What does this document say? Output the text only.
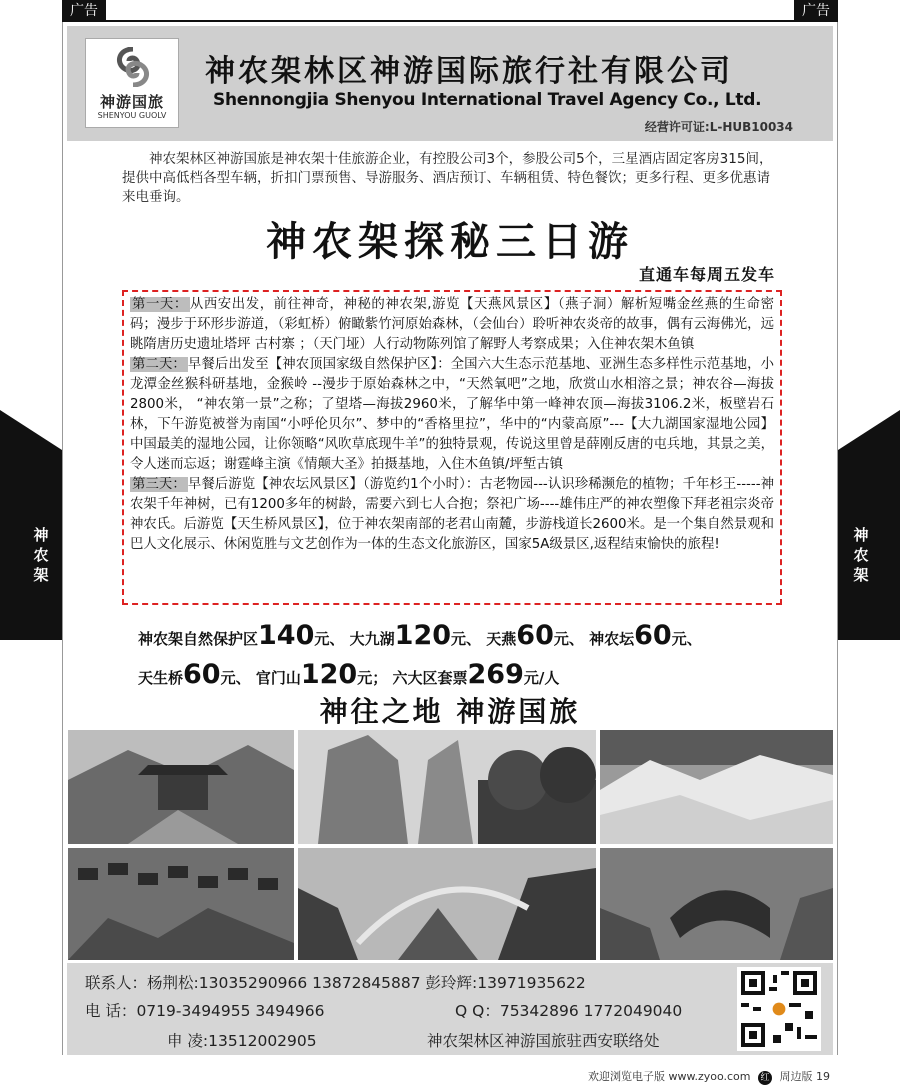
广告	广告
神
农
架
神
农
架
神游国旅
SHENYOU GUOLV
神农架林区神游国际旅行社有限公司
Shennongjia Shenyou International Travel Agency Co., Ltd.
经营许可证:L-HUB10034
神农架林区神游国旅是神农架十佳旅游企业，有控股公司3个，参股公司5个，三星酒店固定客房315间，提供中高低档各型车辆，折扣门票预售、导游服务、酒店预订、车辆租赁、特色餐饮；更多行程、更多优惠请来电垂询。
神农架探秘三日游
直通车每周五发车

第一天： 从西安出发，前往神奇，神秘的神农架,游览【天燕风景区】（燕子洞）解析短嘴金丝燕的生命密码；漫步于环形步游道，（彩虹桥）俯瞰紫竹河原始森林，（会仙台）聆听神农炎帝的故事，偶有云海佛光，远眺隋唐历史遗址塔坪 古村寨 ；（天门垭）人行动物陈列馆了解野人考察成果；入住神农架木鱼镇

第二天： 早餐后出发至【神农顶国家级自然保护区】：全国六大生态示范基地、亚洲生态多样性示范基地，小龙潭金丝猴科研基地，金猴岭 --漫步于原始森林之中，“天然氧吧”之地，欣赏山水相溶之景；神农谷—海拔2800米， “神农第一景”之称；了望塔—海拔2960米，了解华中第一峰神农顶—海拔3106.2米，板壁岩石林，下午游览被誉为南国“小呼伦贝尔”、梦中的“香格里拉”，华中的“内蒙高原”---【大九湖国家湿地公园】中国最美的湿地公园，让你领略“风吹草底现牛羊”的独特景观，传说这里曾是薛刚反唐的屯兵地，其景之美，令人迷而忘返；谢霆峰主演《情颠大圣》拍摄基地，入住木鱼镇/坪堑古镇

第三天： 早餐后游览【神农坛风景区】（游览约1个小时）：古老物园---认识珍稀濒危的植物；千年杉王-----神农架千年神树，已有1200多年的树龄，需要六到七人合抱；祭祀广场----雄伟庄严的神农塑像下拜老祖宗炎帝神农氏。后游览【天生桥风景区】，位于神农架南部的老君山南麓，步游栈道长2600米。是一个集自然景观和巴人文化展示、休闲览胜与文艺创作为一体的生态文化旅游区，国家5A级景区,返程结束愉快的旅程!

神农架自然保护区140元、 大九湖120元、 天燕60元、 神农坛60元、
天生桥60元、 官门山120元； 六大区套票269元/人
神往之地 神游国旅
联系人：杨荆松:13035290966 13872845887 彭玲辉:13971935622
电 话：0719-3494955 3494966	Q Q：75342896 1772049040
申 凌:13512002905	神农架林区神游国旅驻西安联络处
欢迎浏览电子版 www.zyoo.com 红 周边版 19
